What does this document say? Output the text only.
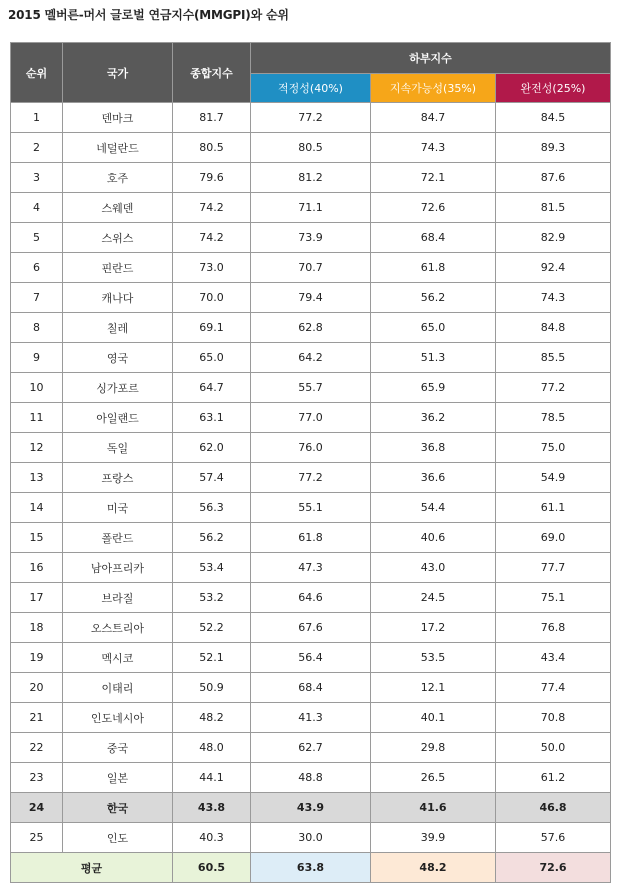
2015 멜버른-머서 글로벌 연금지수(MMGPI)와 순위
순위	국가	종합지수	하부지수		
			적정성(40%)	지속가능성(35%)	완전성(25%)
1	덴마크	81.7	77.2	84.7	84.5
2	네덜란드	80.5	80.5	74.3	89.3
3	호주	79.6	81.2	72.1	87.6
4	스웨덴	74.2	71.1	72.6	81.5
5	스위스	74.2	73.9	68.4	82.9
6	핀란드	73.0	70.7	61.8	92.4
7	캐나다	70.0	79.4	56.2	74.3
8	칠레	69.1	62.8	65.0	84.8
9	영국	65.0	64.2	51.3	85.5
10	싱가포르	64.7	55.7	65.9	77.2
11	아일랜드	63.1	77.0	36.2	78.5
12	독일	62.0	76.0	36.8	75.0
13	프랑스	57.4	77.2	36.6	54.9
14	미국	56.3	55.1	54.4	61.1
15	폴란드	56.2	61.8	40.6	69.0
16	남아프리카	53.4	47.3	43.0	77.7
17	브라질	53.2	64.6	24.5	75.1
18	오스트리아	52.2	67.6	17.2	76.8
19	멕시코	52.1	56.4	53.5	43.4
20	이태리	50.9	68.4	12.1	77.4
21	인도네시아	48.2	41.3	40.1	70.8
22	중국	48.0	62.7	29.8	50.0
23	일본	44.1	48.8	26.5	61.2
24	한국	43.8	43.9	41.6	46.8
25	인도	40.3	30.0	39.9	57.6
평균		60.5	63.8	48.2	72.6
